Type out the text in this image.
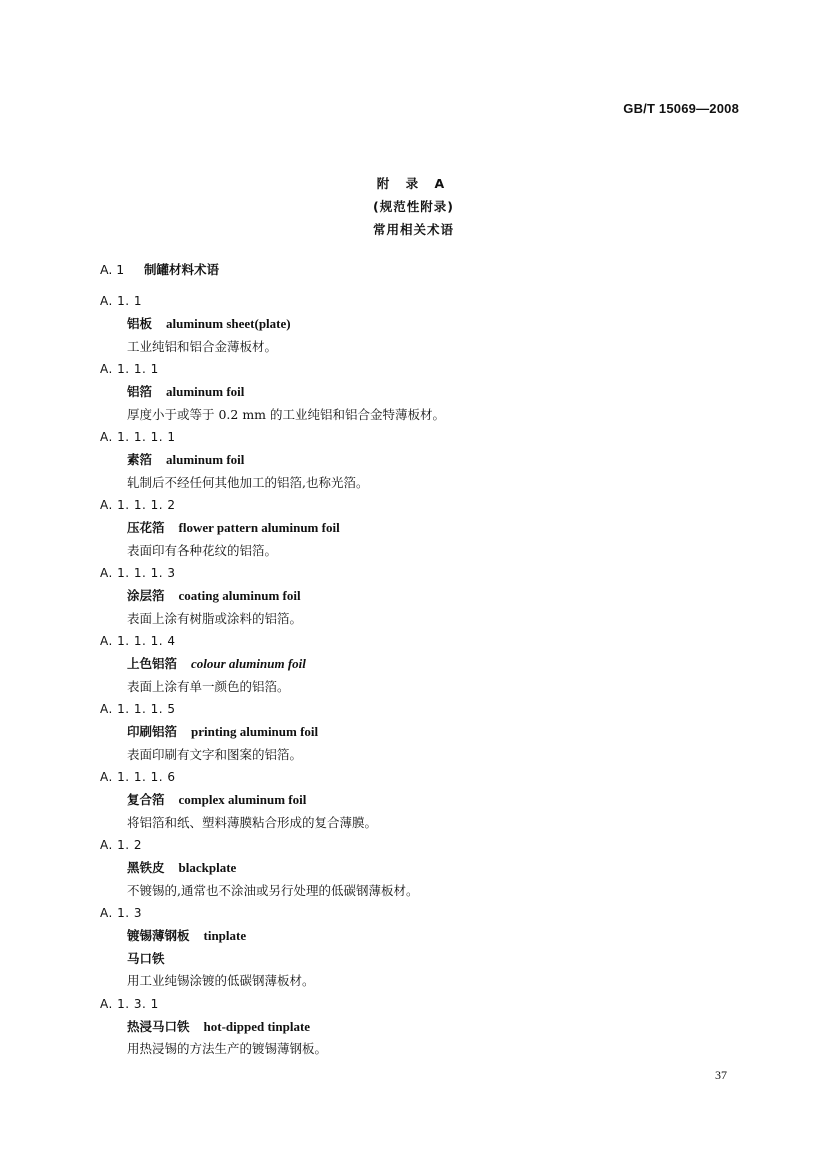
GB/T 15069—2008
附 录 A
(规范性附录)
常用相关术语
A. 1 制罐材料术语
A. 1. 1
铝板 aluminum sheet(plate)
工业纯铝和铝合金薄板材。
A. 1. 1. 1
铝箔 aluminum foil
厚度小于或等于 0.2 mm 的工业纯铝和铝合金特薄板材。
A. 1. 1. 1. 1
素箔 aluminum foil
轧制后不经任何其他加工的铝箔,也称光箔。
A. 1. 1. 1. 2
压花箔 flower pattern aluminum foil
表面印有各种花纹的铝箔。
A. 1. 1. 1. 3
涂层箔 coating aluminum foil
表面上涂有树脂或涂料的铝箔。
A. 1. 1. 1. 4
上色铝箔 colour aluminum foil
表面上涂有单一颜色的铝箔。
A. 1. 1. 1. 5
印刷铝箔 printing aluminum foil
表面印刷有文字和图案的铝箔。
A. 1. 1. 1. 6
复合箔 complex aluminum foil
将铝箔和纸、塑料薄膜粘合形成的复合薄膜。
A. 1. 2
黑铁皮 blackplate
不镀锡的,通常也不涂油或另行处理的低碳钢薄板材。
A. 1. 3
镀锡薄钢板 tinplate
马口铁
用工业纯锡涂镀的低碳钢薄板材。
A. 1. 3. 1
热浸马口铁 hot-dipped tinplate
用热浸锡的方法生产的镀锡薄钢板。
37
